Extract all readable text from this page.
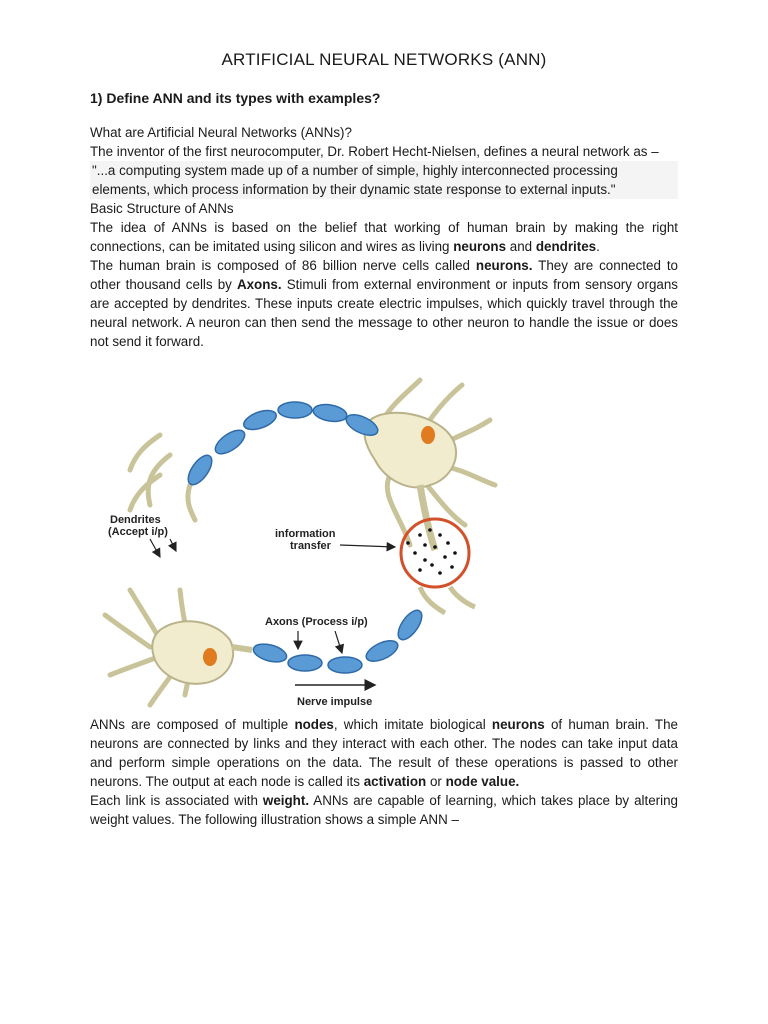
ARTIFICIAL NEURAL NETWORKS (ANN)
1) Define ANN and its types with examples?

What are Artificial Neural Networks (ANNs)?

The inventor of the first neurocomputer, Dr. Robert Hecht-Nielsen, defines a neural network as –

"...a computing system made up of a number of simple, highly interconnected processing elements, which process information by their dynamic state response to external inputs."

Basic Structure of ANNs

The idea of ANNs is based on the belief that working of human brain by making the right connections, can be imitated using silicon and wires as living neurons and dendrites.

The human brain is composed of 86 billion nerve cells called neurons. They are connected to other thousand cells by Axons. Stimuli from external environment or inputs from sensory organs are accepted by dendrites. These inputs create electric impulses, which quickly travel through the neural network. A neuron can then send the message to other neuron to handle the issue or does not send it forward.

ANNs are composed of multiple nodes, which imitate biological neurons of human brain. The neurons are connected by links and they interact with each other. The nodes can take input data and perform simple operations on the data. The result of these operations is passed to other neurons. The output at each node is called its activation or node value.

Each link is associated with weight. ANNs are capable of learning, which takes place by altering weight values. The following illustration shows a simple ANN –

Dendrites
(Accept i/p)	information
transfer
Axons (Process i/p)
Nerve impulse
